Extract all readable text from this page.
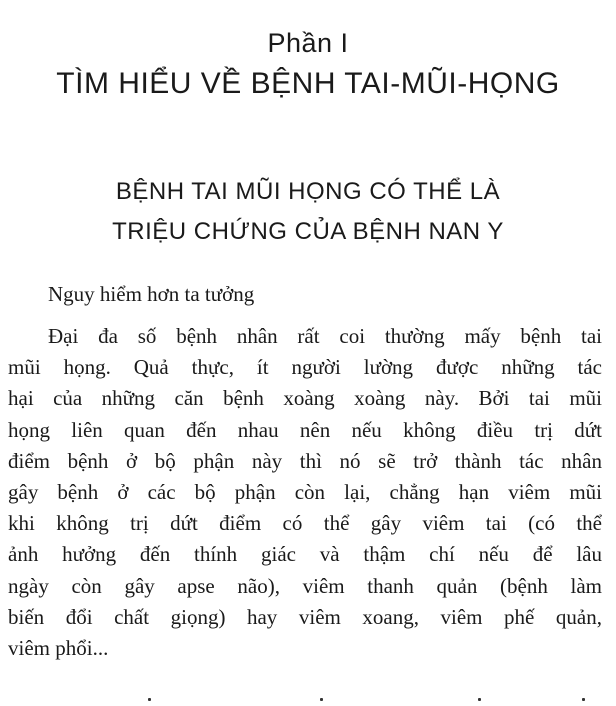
Phần I
TÌM HIỂU VỀ BỆNH TAI-MŨI-HỌNG
BỆNH TAI MŨI HỌNG CÓ THỂ LÀ
TRIỆU CHỨNG CỦA BỆNH NAN Y
Nguy hiểm hơn ta tưởng
Đại đa số bệnh nhân rất coi thường mấy bệnh tai
mũi họng. Quả thực, ít người lường được những tác
hại của những căn bệnh xoàng xoàng này. Bởi tai mũi
họng liên quan đến nhau nên nếu không điều trị dứt
điểm bệnh ở bộ phận này thì nó sẽ trở thành tác nhân
gây bệnh ở các bộ phận còn lại, chẳng hạn viêm mũi
khi không trị dứt điểm có thể gây viêm tai (có thể
ảnh hưởng đến thính giác và thậm chí nếu để lâu
ngày còn gây apse não), viêm thanh quản (bệnh làm
biến đổi chất giọng) hay viêm xoang, viêm phế quản,
viêm phổi...
